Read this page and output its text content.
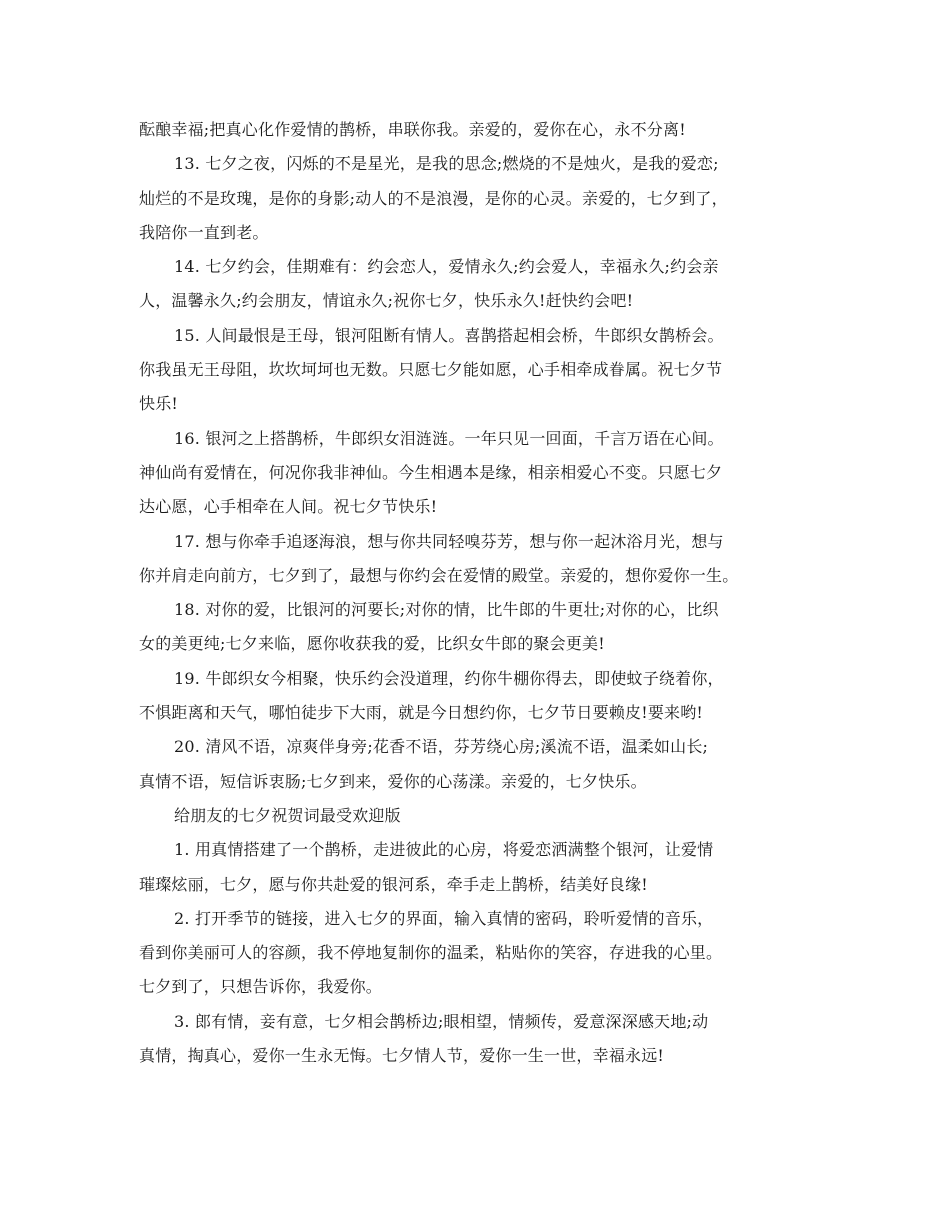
酝酿幸福;把真心化作爱情的鹊桥，串联你我。亲爱的，爱你在心，永不分离!

13. 七夕之夜，闪烁的不是星光，是我的思念;燃烧的不是烛火，是我的爱恋;
灿烂的不是玫瑰，是你的身影;动人的不是浪漫，是你的心灵。亲爱的，七夕到了，
我陪你一直到老。

14. 七夕约会，佳期难有：约会恋人，爱情永久;约会爱人，幸福永久;约会亲
人，温馨永久;约会朋友，情谊永久;祝你七夕，快乐永久!赶快约会吧!

15. 人间最恨是王母，银河阻断有情人。喜鹊搭起相会桥，牛郎织女鹊桥会。
你我虽无王母阻，坎坎坷坷也无数。只愿七夕能如愿，心手相牵成眷属。祝七夕节
快乐!

16. 银河之上搭鹊桥，牛郎织女泪涟涟。一年只见一回面，千言万语在心间。
神仙尚有爱情在，何况你我非神仙。今生相遇本是缘，相亲相爱心不变。只愿七夕
达心愿，心手相牵在人间。祝七夕节快乐!

17. 想与你牵手追逐海浪，想与你共同轻嗅芬芳，想与你一起沐浴月光，想与
你并肩走向前方，七夕到了，最想与你约会在爱情的殿堂。亲爱的，想你爱你一生。

18. 对你的爱，比银河的河要长;对你的情，比牛郎的牛更壮;对你的心，比织
女的美更纯;七夕来临，愿你收获我的爱，比织女牛郎的聚会更美!

19. 牛郎织女今相聚，快乐约会没道理，约你牛棚你得去，即使蚊子绕着你，
不惧距离和天气，哪怕徒步下大雨，就是今日想约你，七夕节日要赖皮!要来哟!

20. 清风不语，凉爽伴身旁;花香不语，芬芳绕心房;溪流不语，温柔如山长;
真情不语，短信诉衷肠;七夕到来，爱你的心荡漾。亲爱的，七夕快乐。

给朋友的七夕祝贺词最受欢迎版

1. 用真情搭建了一个鹊桥，走进彼此的心房，将爱恋洒满整个银河，让爱情
璀璨炫丽，七夕，愿与你共赴爱的银河系，牵手走上鹊桥，结美好良缘!

2. 打开季节的链接，进入七夕的界面，输入真情的密码，聆听爱情的音乐，
看到你美丽可人的容颜，我不停地复制你的温柔，粘贴你的笑容，存进我的心里。
七夕到了，只想告诉你，我爱你。

3. 郎有情，妾有意，七夕相会鹊桥边;眼相望，情频传，爱意深深感天地;动
真情，掏真心，爱你一生永无悔。七夕情人节，爱你一生一世，幸福永远!
